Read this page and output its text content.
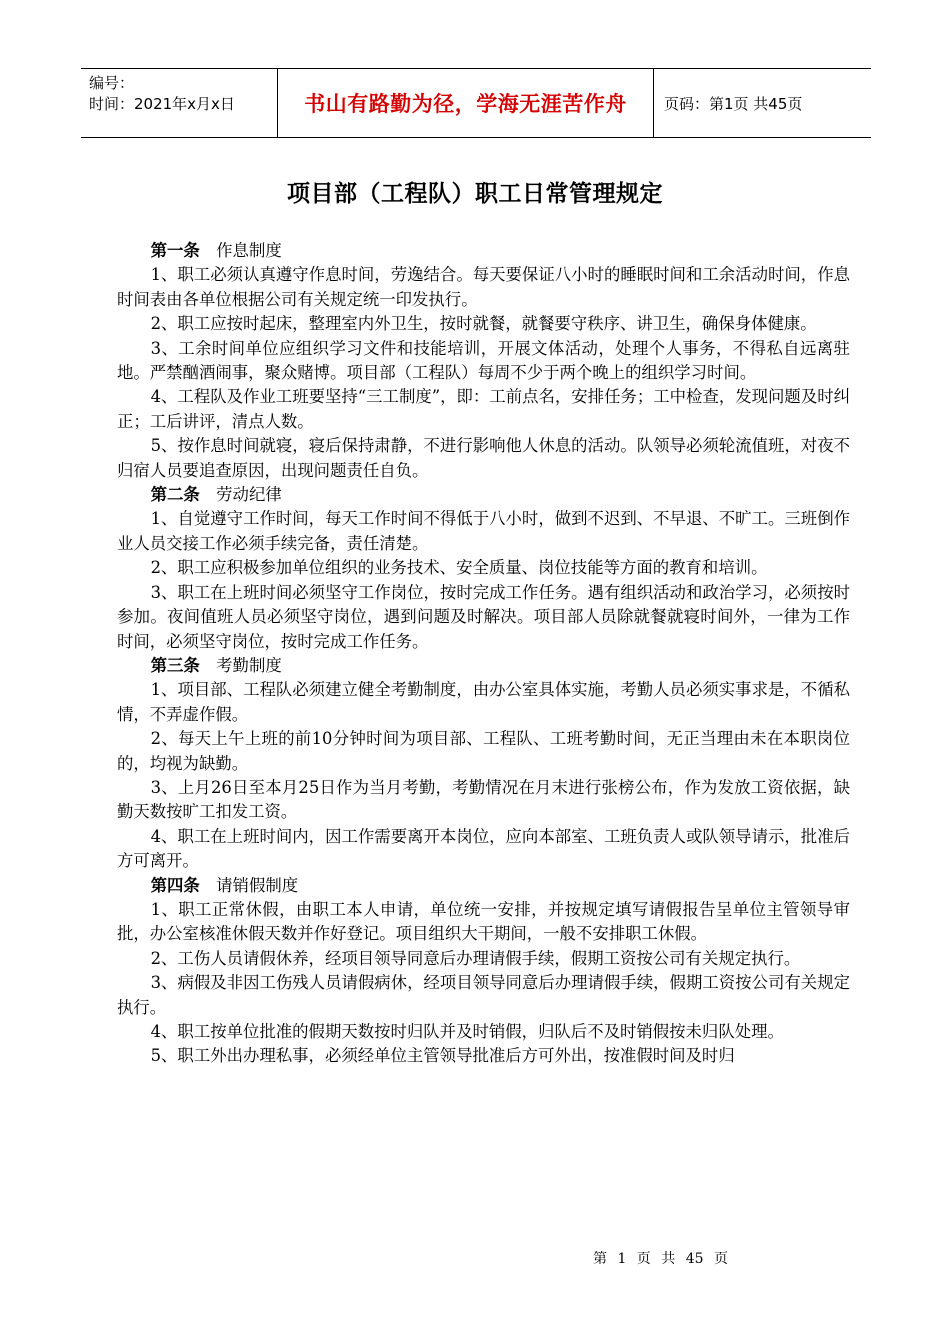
编号：
时间：2021年x月x日	书山有路勤为径，学海无涯苦作舟	页码：第1页 共45页
项目部（工程队）职工日常管理规定

第一条 作息制度

1、职工必须认真遵守作息时间，劳逸结合。每天要保证八小时的睡眠时间和工余活动时间，作息时间表由各单位根据公司有关规定统一印发执行。

2、职工应按时起床，整理室内外卫生，按时就餐，就餐要守秩序、讲卫生，确保身体健康。

3、工余时间单位应组织学习文件和技能培训，开展文体活动，处理个人事务，不得私自远离驻地。严禁酗酒闹事，聚众赌博。项目部（工程队）每周不少于两个晚上的组织学习时间。

4、工程队及作业工班要坚持“三工制度”，即：工前点名，安排任务；工中检查，发现问题及时纠正；工后讲评，清点人数。

5、按作息时间就寝，寝后保持肃静，不进行影响他人休息的活动。队领导必须轮流值班，对夜不归宿人员要追查原因，出现问题责任自负。

第二条 劳动纪律

1、自觉遵守工作时间，每天工作时间不得低于八小时，做到不迟到、不早退、不旷工。三班倒作业人员交接工作必须手续完备，责任清楚。

2、职工应积极参加单位组织的业务技术、安全质量、岗位技能等方面的教育和培训。

3、职工在上班时间必须坚守工作岗位，按时完成工作任务。遇有组织活动和政治学习，必须按时参加。夜间值班人员必须坚守岗位，遇到问题及时解决。项目部人员除就餐就寝时间外，一律为工作时间，必须坚守岗位，按时完成工作任务。

第三条 考勤制度

1、项目部、工程队必须建立健全考勤制度，由办公室具体实施，考勤人员必须实事求是，不循私情，不弄虚作假。

2、每天上午上班的前10分钟时间为项目部、工程队、工班考勤时间，无正当理由未在本职岗位的，均视为缺勤。

3、上月26日至本月25日作为当月考勤，考勤情况在月末进行张榜公布，作为发放工资依据，缺勤天数按旷工扣发工资。

4、职工在上班时间内，因工作需要离开本岗位，应向本部室、工班负责人或队领导请示，批准后方可离开。

第四条 请销假制度

1、职工正常休假，由职工本人申请，单位统一安排，并按规定填写请假报告呈单位主管领导审批，办公室核准休假天数并作好登记。项目组织大干期间，一般不安排职工休假。

2、工伤人员请假休养，经项目领导同意后办理请假手续，假期工资按公司有关规定执行。

3、病假及非因工伤残人员请假病休，经项目领导同意后办理请假手续，假期工资按公司有关规定执行。

4、职工按单位批准的假期天数按时归队并及时销假，归队后不及时销假按未归队处理。

5、职工外出办理私事，必须经单位主管领导批准后方可外出，按准假时间及时归

第 1 页 共 45 页
